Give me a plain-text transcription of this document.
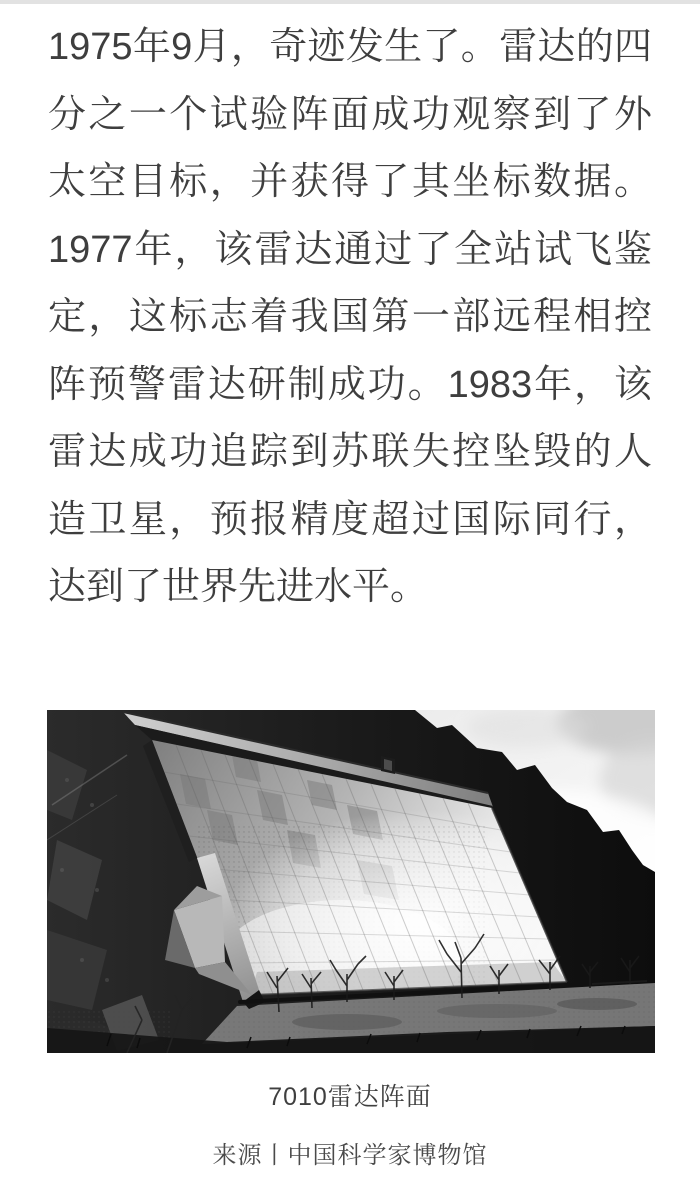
1975年9月，奇迹发生了。雷达的四
分之一个试验阵面成功观察到了外
太空目标，并获得了其坐标数据。
1977年，该雷达通过了全站试飞鉴
定，这标志着我国第一部远程相控
阵预警雷达研制成功。1983年，该
雷达成功追踪到苏联失控坠毁的人
造卫星，预报精度超过国际同行，
达到了世界先进水平。
7010雷达阵面
来源丨中国科学家博物馆
